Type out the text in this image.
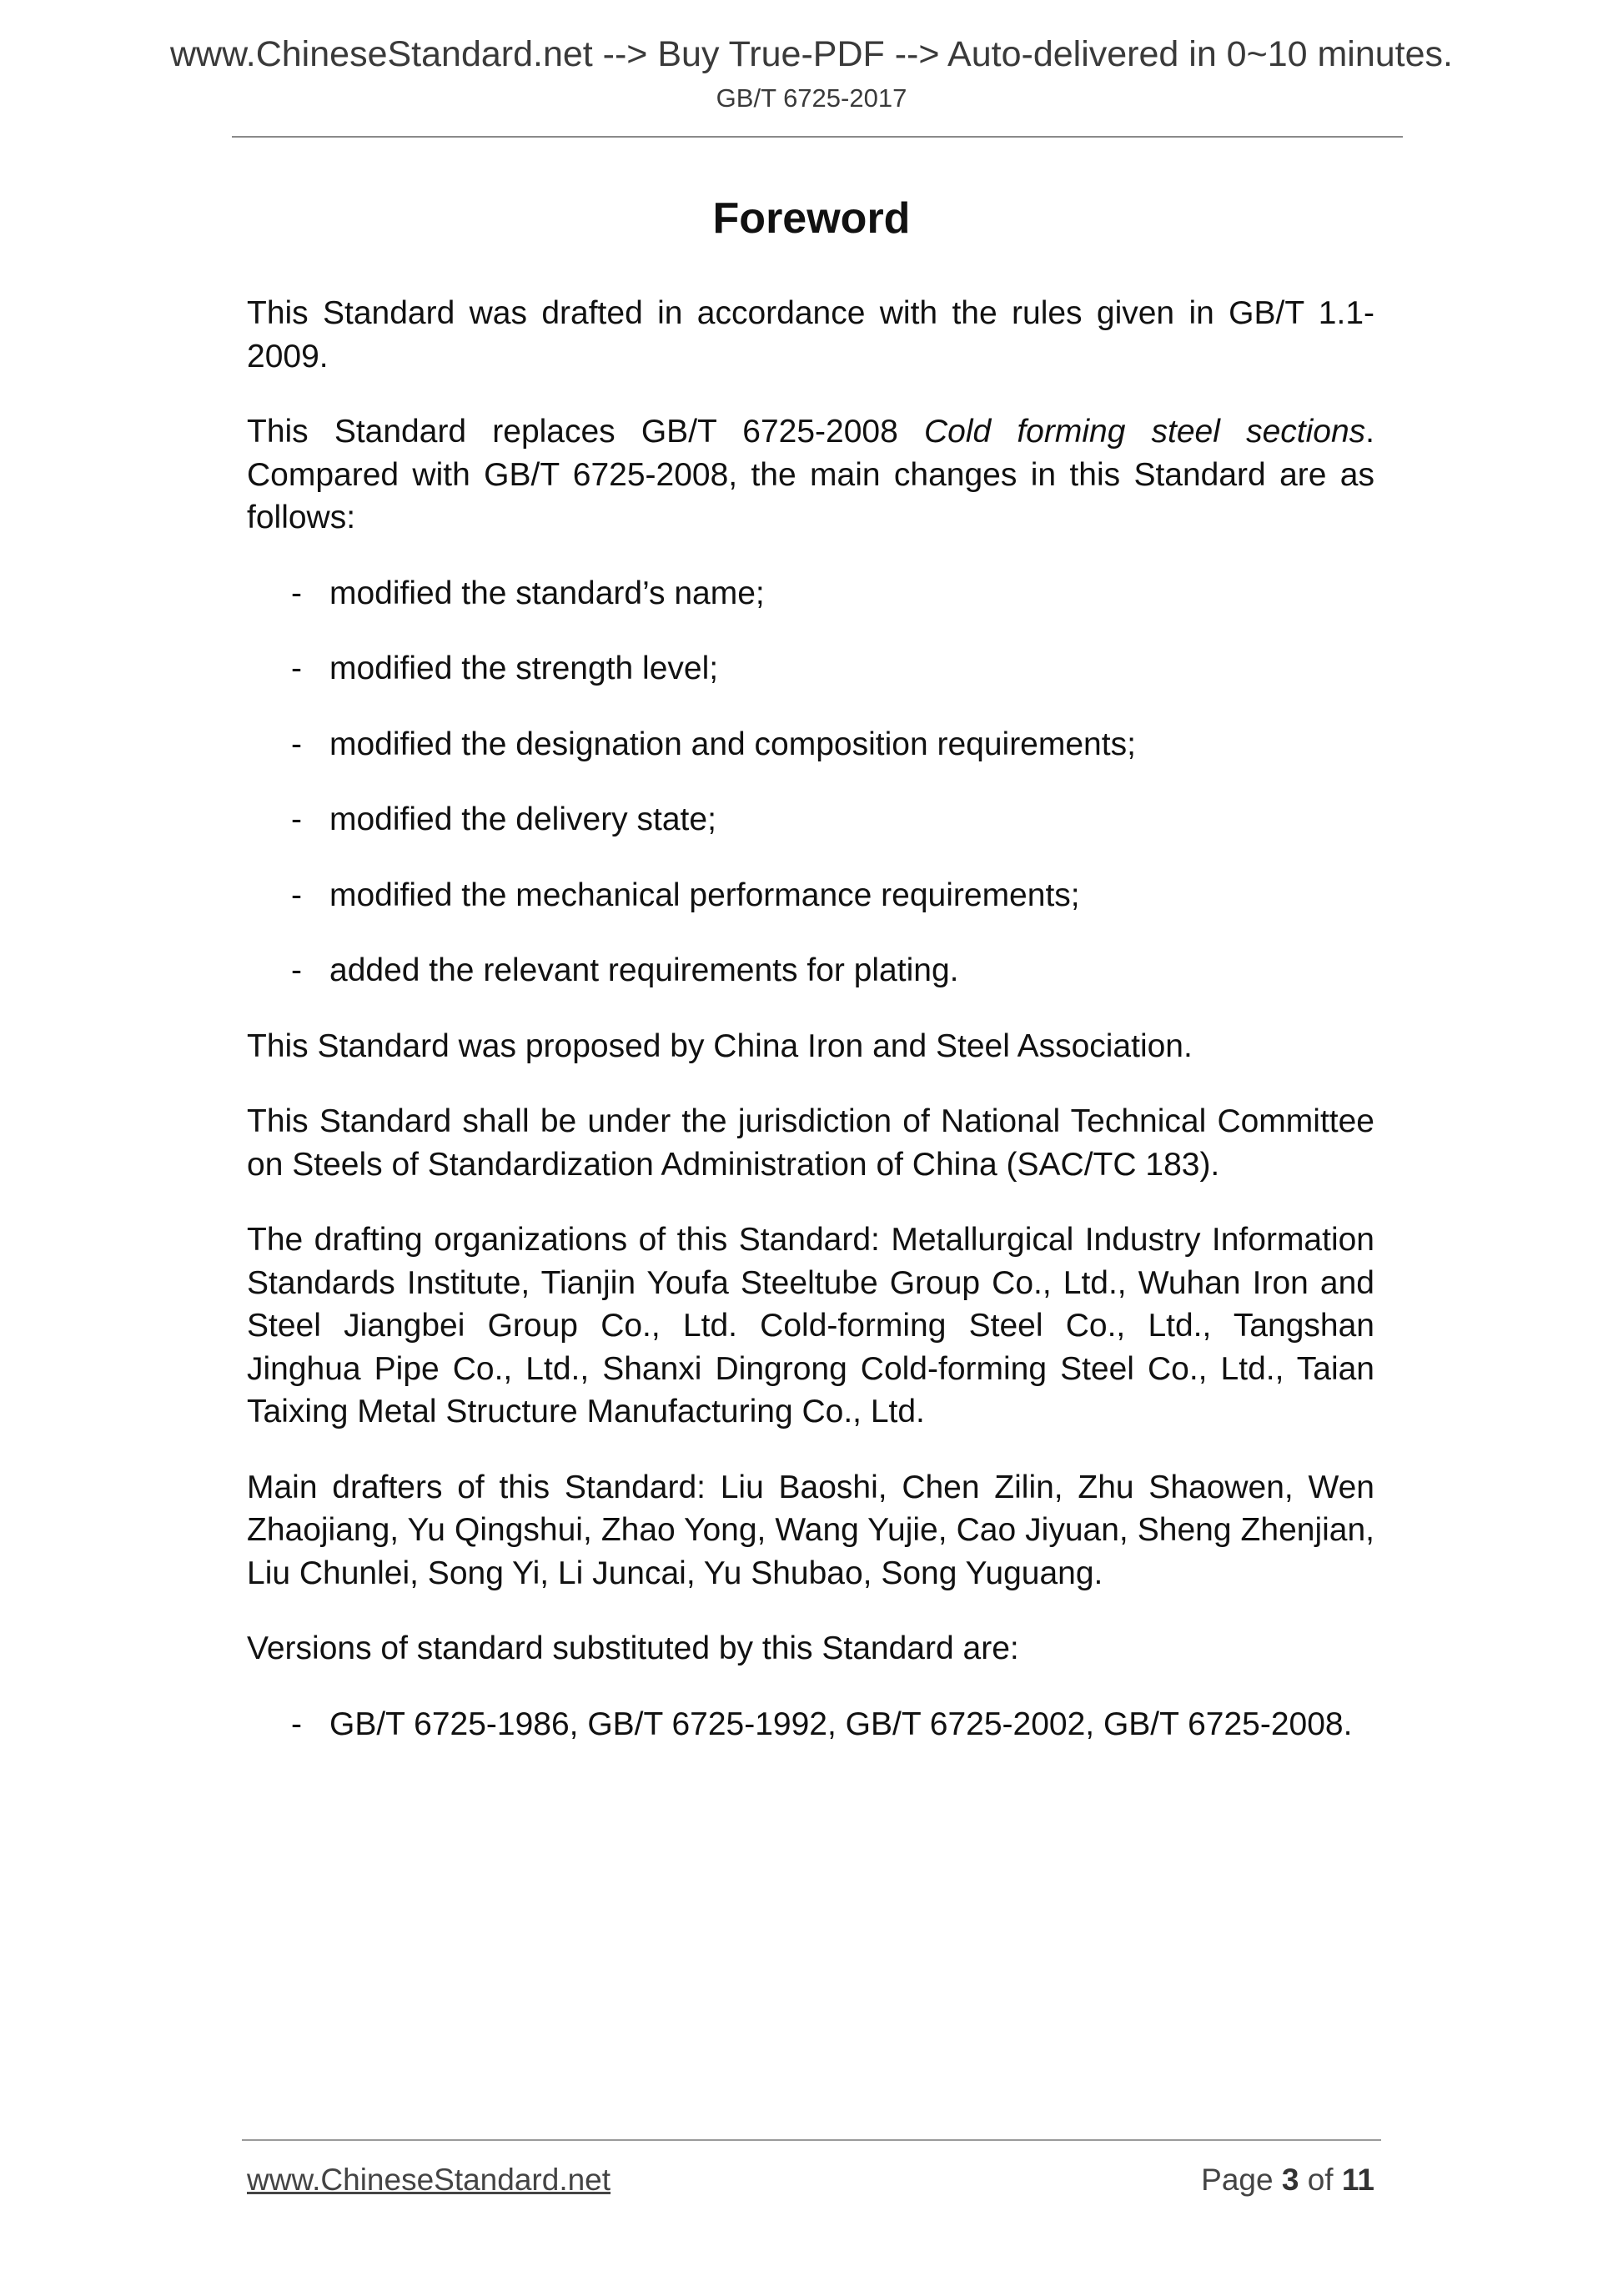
www.ChineseStandard.net --> Buy True-PDF --> Auto-delivered in 0~10 minutes.
GB/T 6725-2017
Foreword

This Standard was drafted in accordance with the rules given in GB/T 1.1-2009.

This Standard replaces GB/T 6725-2008 Cold forming steel sections. Compared with GB/T 6725-2008, the main changes in this Standard are as follows:

- modified the standard’s name;
- modified the strength level;
- modified the designation and composition requirements;
- modified the delivery state;
- modified the mechanical performance requirements;
- added the relevant requirements for plating.

This Standard was proposed by China Iron and Steel Association.

This Standard shall be under the jurisdiction of National Technical Committee on Steels of Standardization Administration of China (SAC/TC 183).

The drafting organizations of this Standard: Metallurgical Industry Information Standards Institute, Tianjin Youfa Steeltube Group Co., Ltd., Wuhan Iron and Steel Jiangbei Group Co., Ltd. Cold-forming Steel Co., Ltd., Tangshan Jinghua Pipe Co., Ltd., Shanxi Dingrong Cold-forming Steel Co., Ltd., Taian Taixing Metal Structure Manufacturing Co., Ltd.

Main drafters of this Standard: Liu Baoshi, Chen Zilin, Zhu Shaowen, Wen Zhaojiang, Yu Qingshui, Zhao Yong, Wang Yujie, Cao Jiyuan, Sheng Zhenjian, Liu Chunlei, Song Yi, Li Juncai, Yu Shubao, Song Yuguang.

Versions of standard substituted by this Standard are:

- GB/T 6725-1986, GB/T 6725-1992, GB/T 6725-2002, GB/T 6725-2008.
www.ChineseStandard.net	Page 3 of 11
